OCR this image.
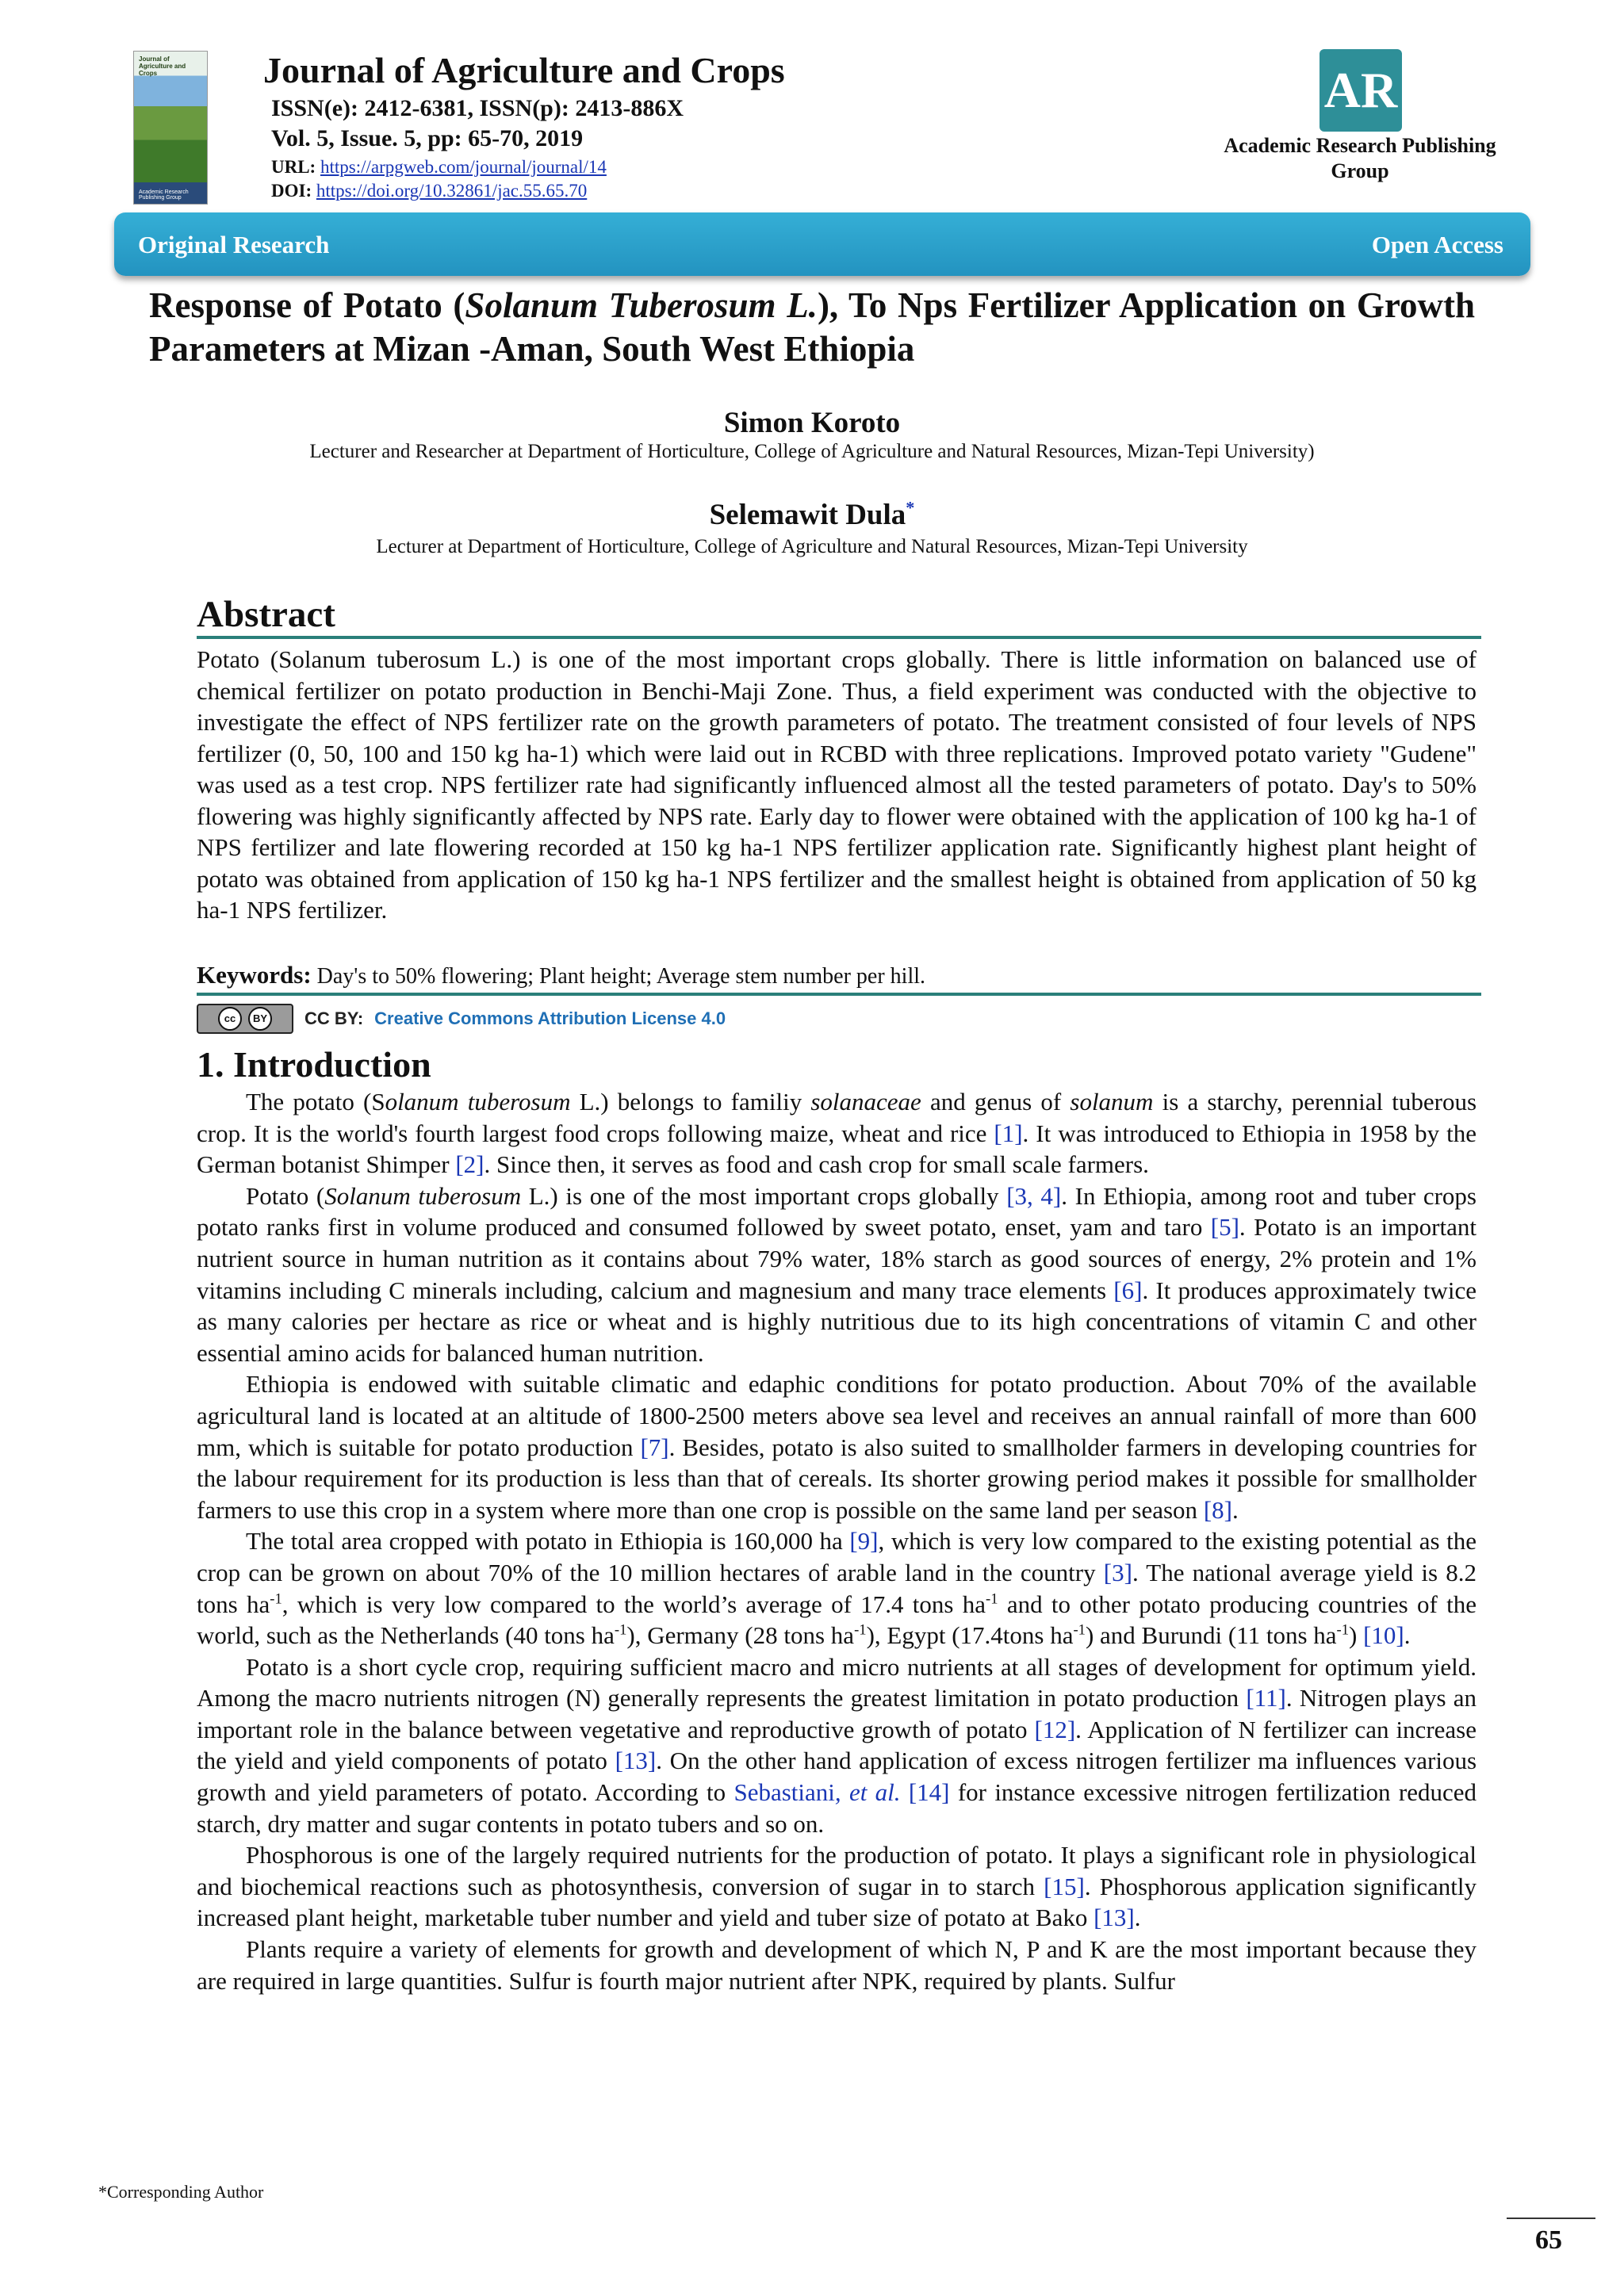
Journal of Agriculture and Crops
Academic Research Publishing Group
Journal of Agriculture and Crops
ISSN(e): 2412-6381, ISSN(p): 2413-886X
Vol. 5, Issue. 5, pp: 65-70, 2019
URL: https://arpgweb.com/journal/journal/14
DOI: https://doi.org/10.32861/jac.55.65.70
AR
Academic Research Publishing Group
Original Research	Open Access
Response of Potato (Solanum Tuberosum L.), To Nps Fertilizer Application on Growth Parameters at Mizan -Aman, South West Ethiopia
Simon Koroto
Lecturer and Researcher at Department of Horticulture, College of Agriculture and Natural Resources, Mizan-Tepi University)
Selemawit Dula*
Lecturer at Department of Horticulture, College of Agriculture and Natural Resources, Mizan-Tepi University
Abstract

Potato (Solanum tuberosum L.) is one of the most important crops globally. There is little information on balanced use of chemical fertilizer on potato production in Benchi-Maji Zone. Thus, a field experiment was conducted with the objective to investigate the effect of NPS fertilizer rate on the growth parameters of potato. The treatment consisted of four levels of NPS fertilizer (0, 50, 100 and 150 kg ha-1) which were laid out in RCBD with three replications. Improved potato variety "Gudene" was used as a test crop. NPS fertilizer rate had significantly influenced almost all the tested parameters of potato. Day's to 50% flowering was highly significantly affected by NPS rate. Early day to flower were obtained with the application of 100 kg ha-1 of NPS fertilizer and late flowering recorded at 150 kg ha-1 NPS fertilizer application rate. Significantly highest plant height of potato was obtained from application of 150 kg ha-1 NPS fertilizer and the smallest height is obtained from application of 50 kg ha-1 NPS fertilizer.

Keywords: Day's to 50% flowering; Plant height; Average stem number per hill.
cc	BY CC BY: Creative Commons Attribution License 4.0
1. Introduction

The potato (Solanum tuberosum L.) belongs to familiy solanaceae and genus of solanum is a starchy, perennial tuberous crop. It is the world's fourth largest food crops following maize, wheat and rice [1]. It was introduced to Ethiopia in 1958 by the German botanist Shimper [2]. Since then, it serves as food and cash crop for small scale farmers.

Potato (Solanum tuberosum L.) is one of the most important crops globally [3, 4]. In Ethiopia, among root and tuber crops potato ranks first in volume produced and consumed followed by sweet potato, enset, yam and taro [5]. Potato is an important nutrient source in human nutrition as it contains about 79% water, 18% starch as good sources of energy, 2% protein and 1% vitamins including C minerals including, calcium and magnesium and many trace elements [6]. It produces approximately twice as many calories per hectare as rice or wheat and is highly nutritious due to its high concentrations of vitamin C and other essential amino acids for balanced human nutrition.

Ethiopia is endowed with suitable climatic and edaphic conditions for potato production. About 70% of the available agricultural land is located at an altitude of 1800-2500 meters above sea level and receives an annual rainfall of more than 600 mm, which is suitable for potato production [7]. Besides, potato is also suited to smallholder farmers in developing countries for the labour requirement for its production is less than that of cereals. Its shorter growing period makes it possible for smallholder farmers to use this crop in a system where more than one crop is possible on the same land per season [8].

The total area cropped with potato in Ethiopia is 160,000 ha [9], which is very low compared to the existing potential as the crop can be grown on about 70% of the 10 million hectares of arable land in the country [3]. The national average yield is 8.2 tons $ha^{-1}$, which is very low compared to the world’s average of 17.4 tons $ha^{-1}$ and to other potato producing countries of the world, such as the Netherlands (40 tons $ha^{-1}$), Germany (28 tons $ha^{-1}$), Egypt (17.4tons $ha^{-1}$) and Burundi (11 tons $ha^{-1}$) [10].

Potato is a short cycle crop, requiring sufficient macro and micro nutrients at all stages of development for optimum yield. Among the macro nutrients nitrogen (N) generally represents the greatest limitation in potato production [11]. Nitrogen plays an important role in the balance between vegetative and reproductive growth of potato [12]. Application of N fertilizer can increase the yield and yield components of potato [13]. On the other hand application of excess nitrogen fertilizer ma influences various growth and yield parameters of potato. According to Sebastiani, et al. [14] for instance excessive nitrogen fertilization reduced starch, dry matter and sugar contents in potato tubers and so on.

Phosphorous is one of the largely required nutrients for the production of potato. It plays a significant role in physiological and biochemical reactions such as photosynthesis, conversion of sugar in to starch [15]. Phosphorous application significantly increased plant height, marketable tuber number and yield and tuber size of potato at Bako [13].

Plants require a variety of elements for growth and development of which N, P and K are the most important because they are required in large quantities. Sulfur is fourth major nutrient after NPK, required by plants. Sulfur

*Corresponding Author
65
